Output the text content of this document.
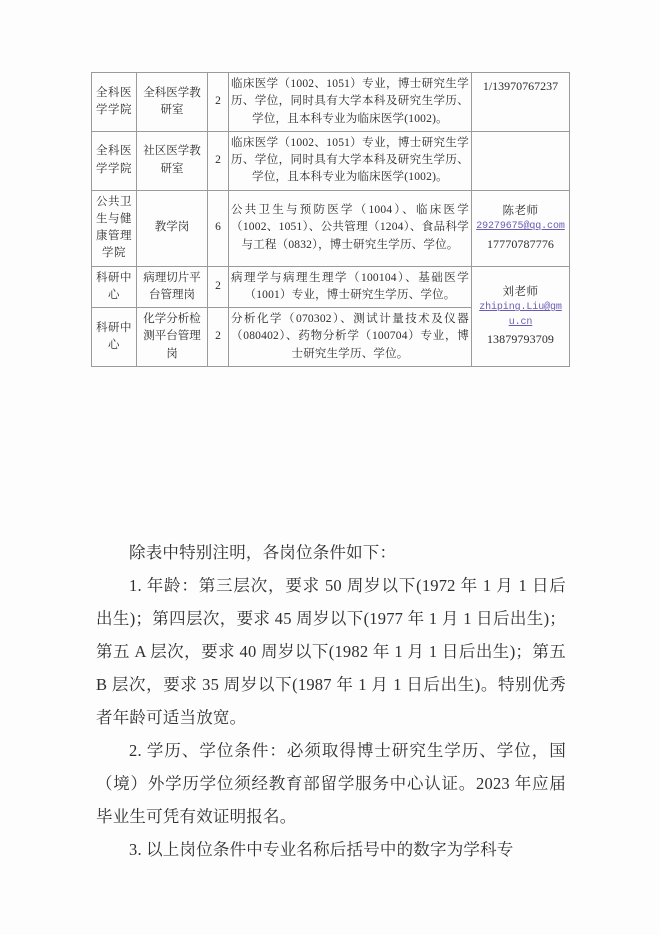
全科医学学院	全科医学教研室	2	临床医学（1002、1051）专业，博士研究生学历、学位，同时具有大学本科及研究生学历、学位，且本科专业为临床医学(1002)。	1/13970767237

全科医学学院	社区医学教研室	2	临床医学（1002、1051）专业，博士研究生学历、学位，同时具有大学本科及研究生学历、学位，且本科专业为临床医学(1002)。	
公共卫生与健康管理学院	教学岗	6	公共卫生与预防医学（1004）、临床医学（1002、1051）、公共管理（1204）、食品科学与工程（0832），博士研究生学历、学位。	陈老师
29279675@qq.com
17770787776

科研中心	病理切片平台管理岗	2	病理学与病理生理学（100104）、基础医学（1001）专业，博士研究生学历、学位。	刘老师
zhiping.Liu@gmu.cn
13879793709

科研中心	化学分析检测平台管理岗	2	分析化学（070302）、测试计量技术及仪器（080402）、药物分析学（100704）专业，博士研究生学历、学位。	

除表中特别注明，各岗位条件如下：

1. 年龄：第三层次，要求 50 周岁以下(1972 年 1 月 1 日后出生)；第四层次，要求 45 周岁以下(1977 年 1 月 1 日后出生)；第五 A 层次，要求 40 周岁以下(1982 年 1 月 1 日后出生)；第五 B 层次，要求 35 周岁以下(1987 年 1 月 1 日后出生)。特别优秀者年龄可适当放宽。

2. 学历、学位条件：必须取得博士研究生学历、学位，国（境）外学历学位须经教育部留学服务中心认证。2023 年应届毕业生可凭有效证明报名。

3. 以上岗位条件中专业名称后括号中的数字为学科专
